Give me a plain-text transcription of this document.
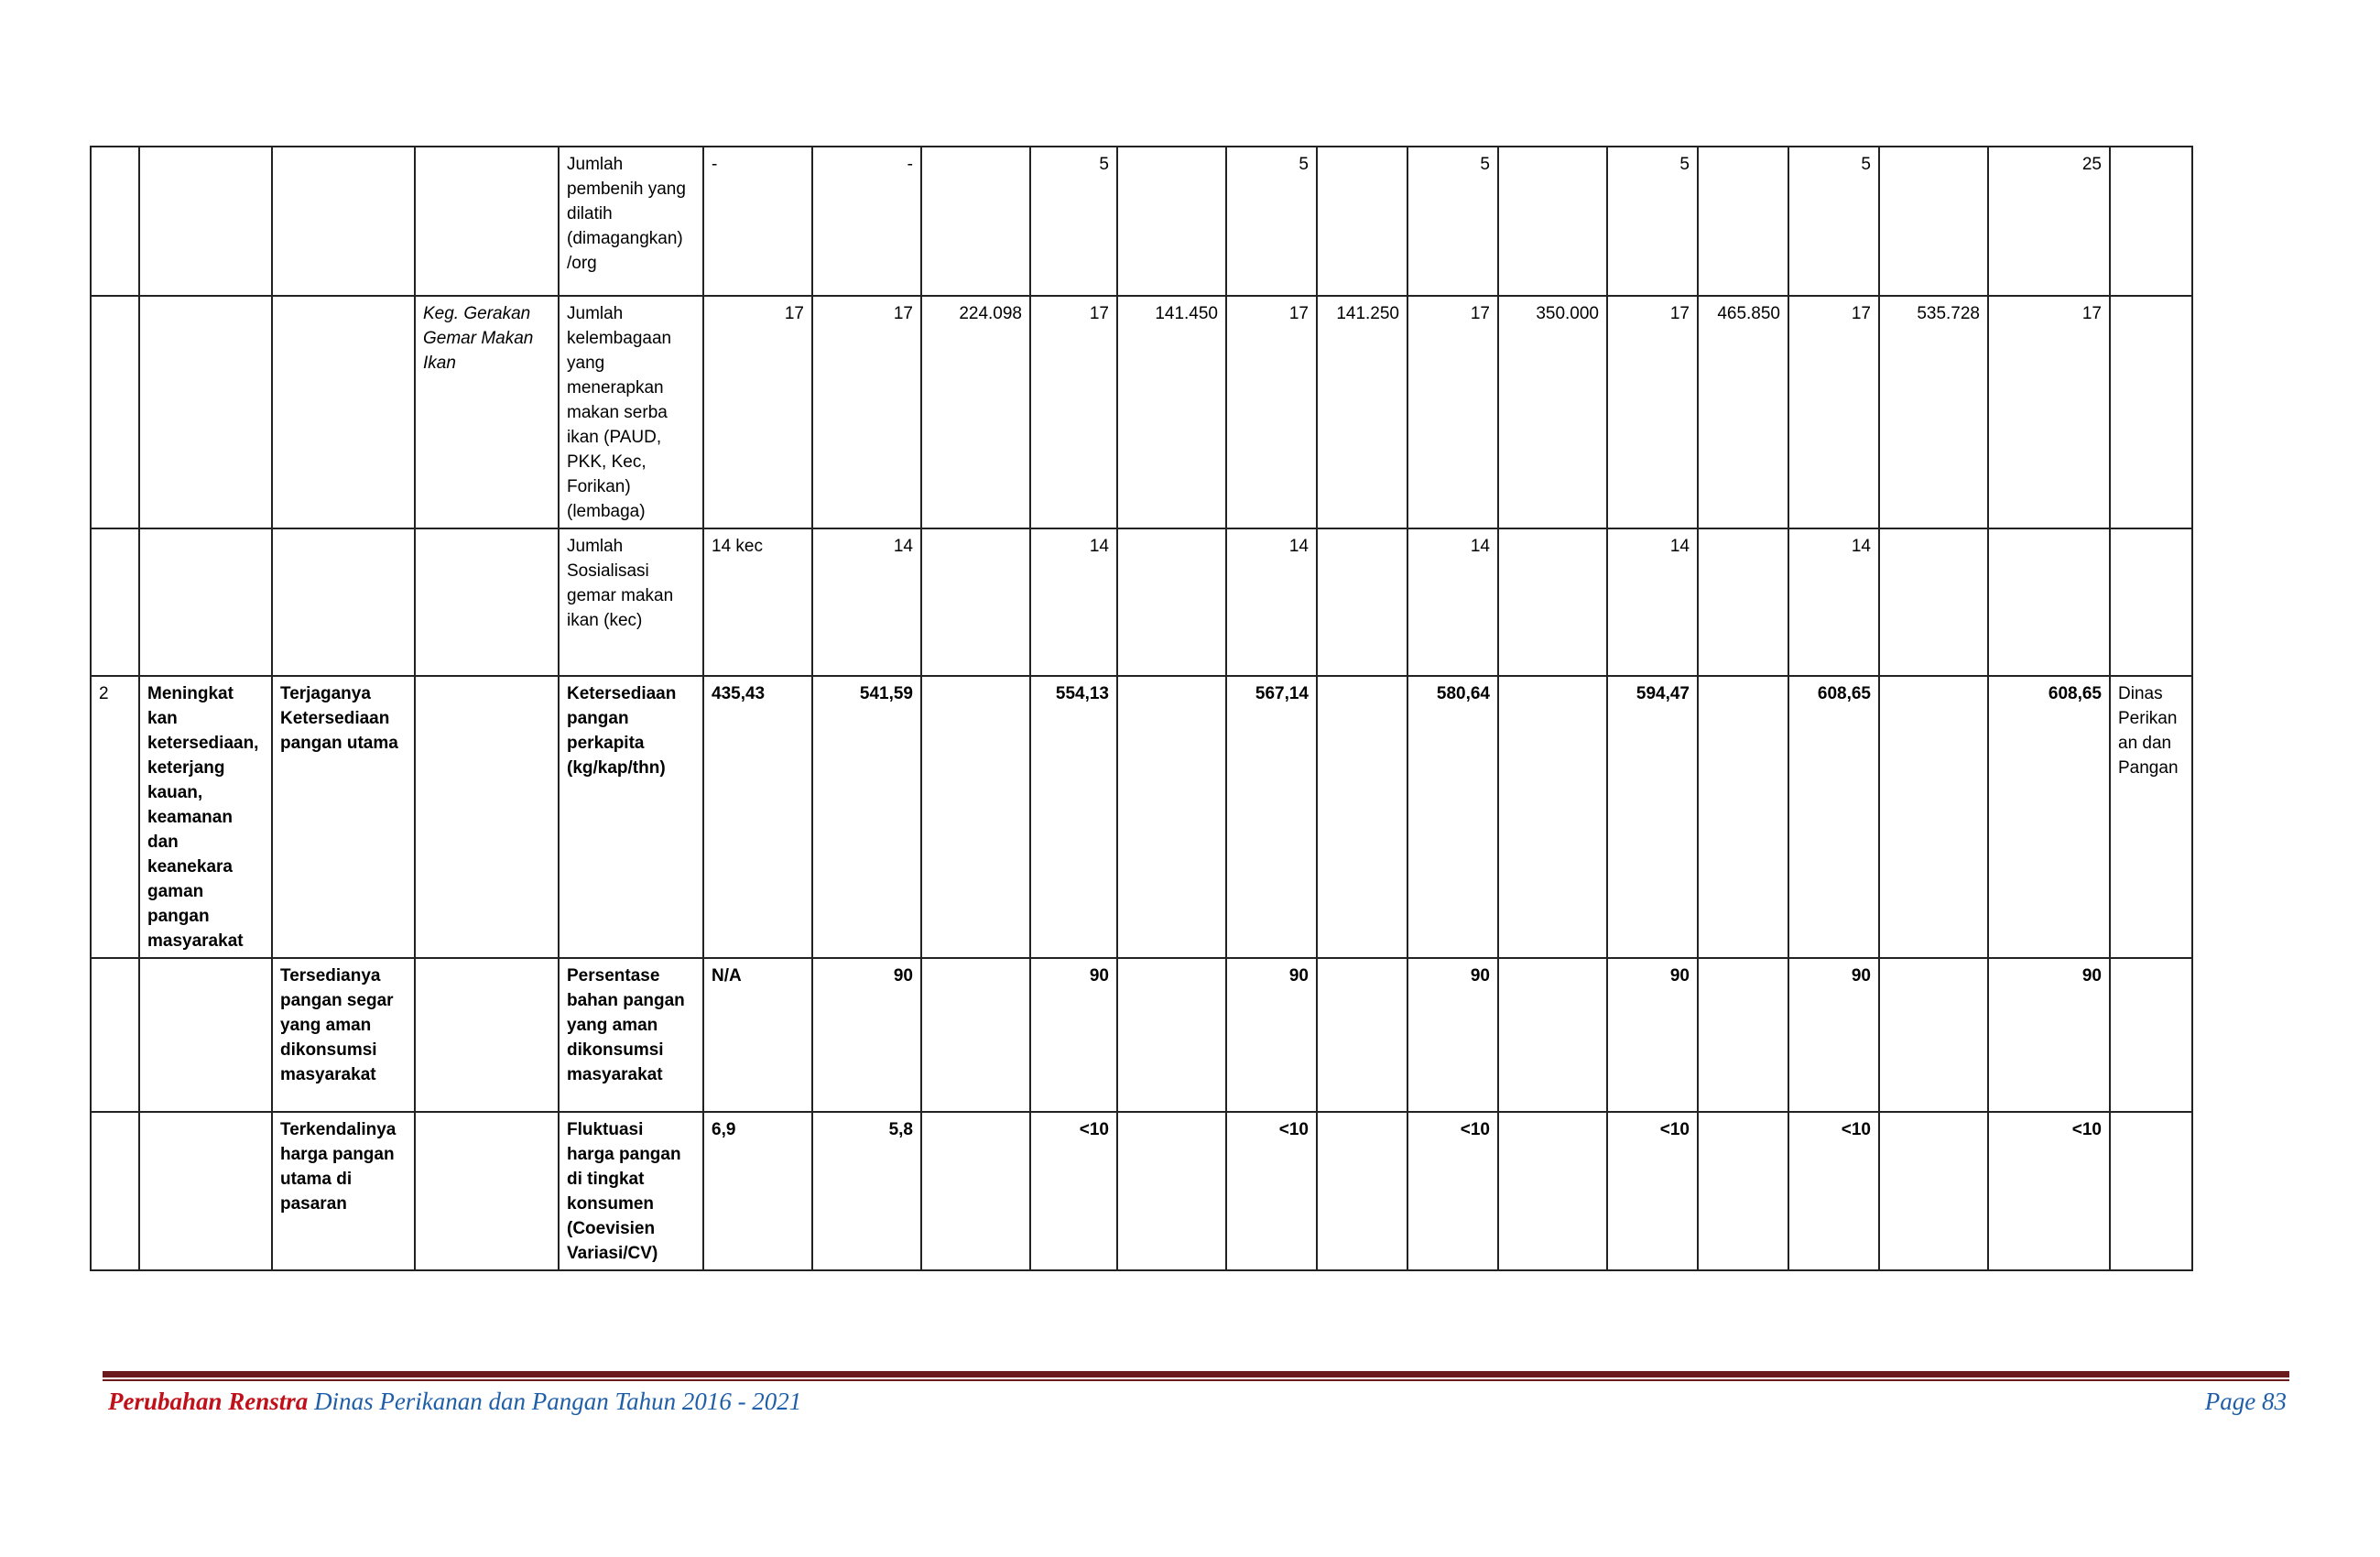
				Jumlah pembenih yang dilatih (dimagangkan) /org	-	-		5		5		5		5		5		25	
			Keg. Gerakan Gemar Makan Ikan	Jumlah kelembagaan yang menerapkan makan serba ikan (PAUD, PKK, Kec, Forikan) (lembaga)	17	17	224.098	17	141.450	17	141.250	17	350.000	17	465.850	17	535.728	17	
				Jumlah Sosialisasi gemar makan ikan (kec)	14 kec	14		14		14		14		14		14			
2	Meningkat kan ketersediaan, keterjang kauan, keamanan dan keanekara gaman pangan masyarakat	Terjaganya Ketersediaan pangan utama		Ketersediaan pangan perkapita (kg/kap/thn)	435,43	541,59		554,13		567,14		580,64		594,47		608,65		608,65	Dinas Perikanan dan Pangan
		Tersedianya pangan segar yang aman dikonsumsi masyarakat		Persentase bahan pangan yang aman dikonsumsi masyarakat	N/A	90		90		90		90		90		90		90	
		Terkendalinya harga pangan utama di pasaran		Fluktuasi harga pangan di tingkat konsumen (Coevisien Variasi/CV)	6,9	5,8		<10		<10		<10		<10		<10		<10	
Perubahan Renstra Dinas Perikanan dan Pangan Tahun 2016 - 2021	Page 83
